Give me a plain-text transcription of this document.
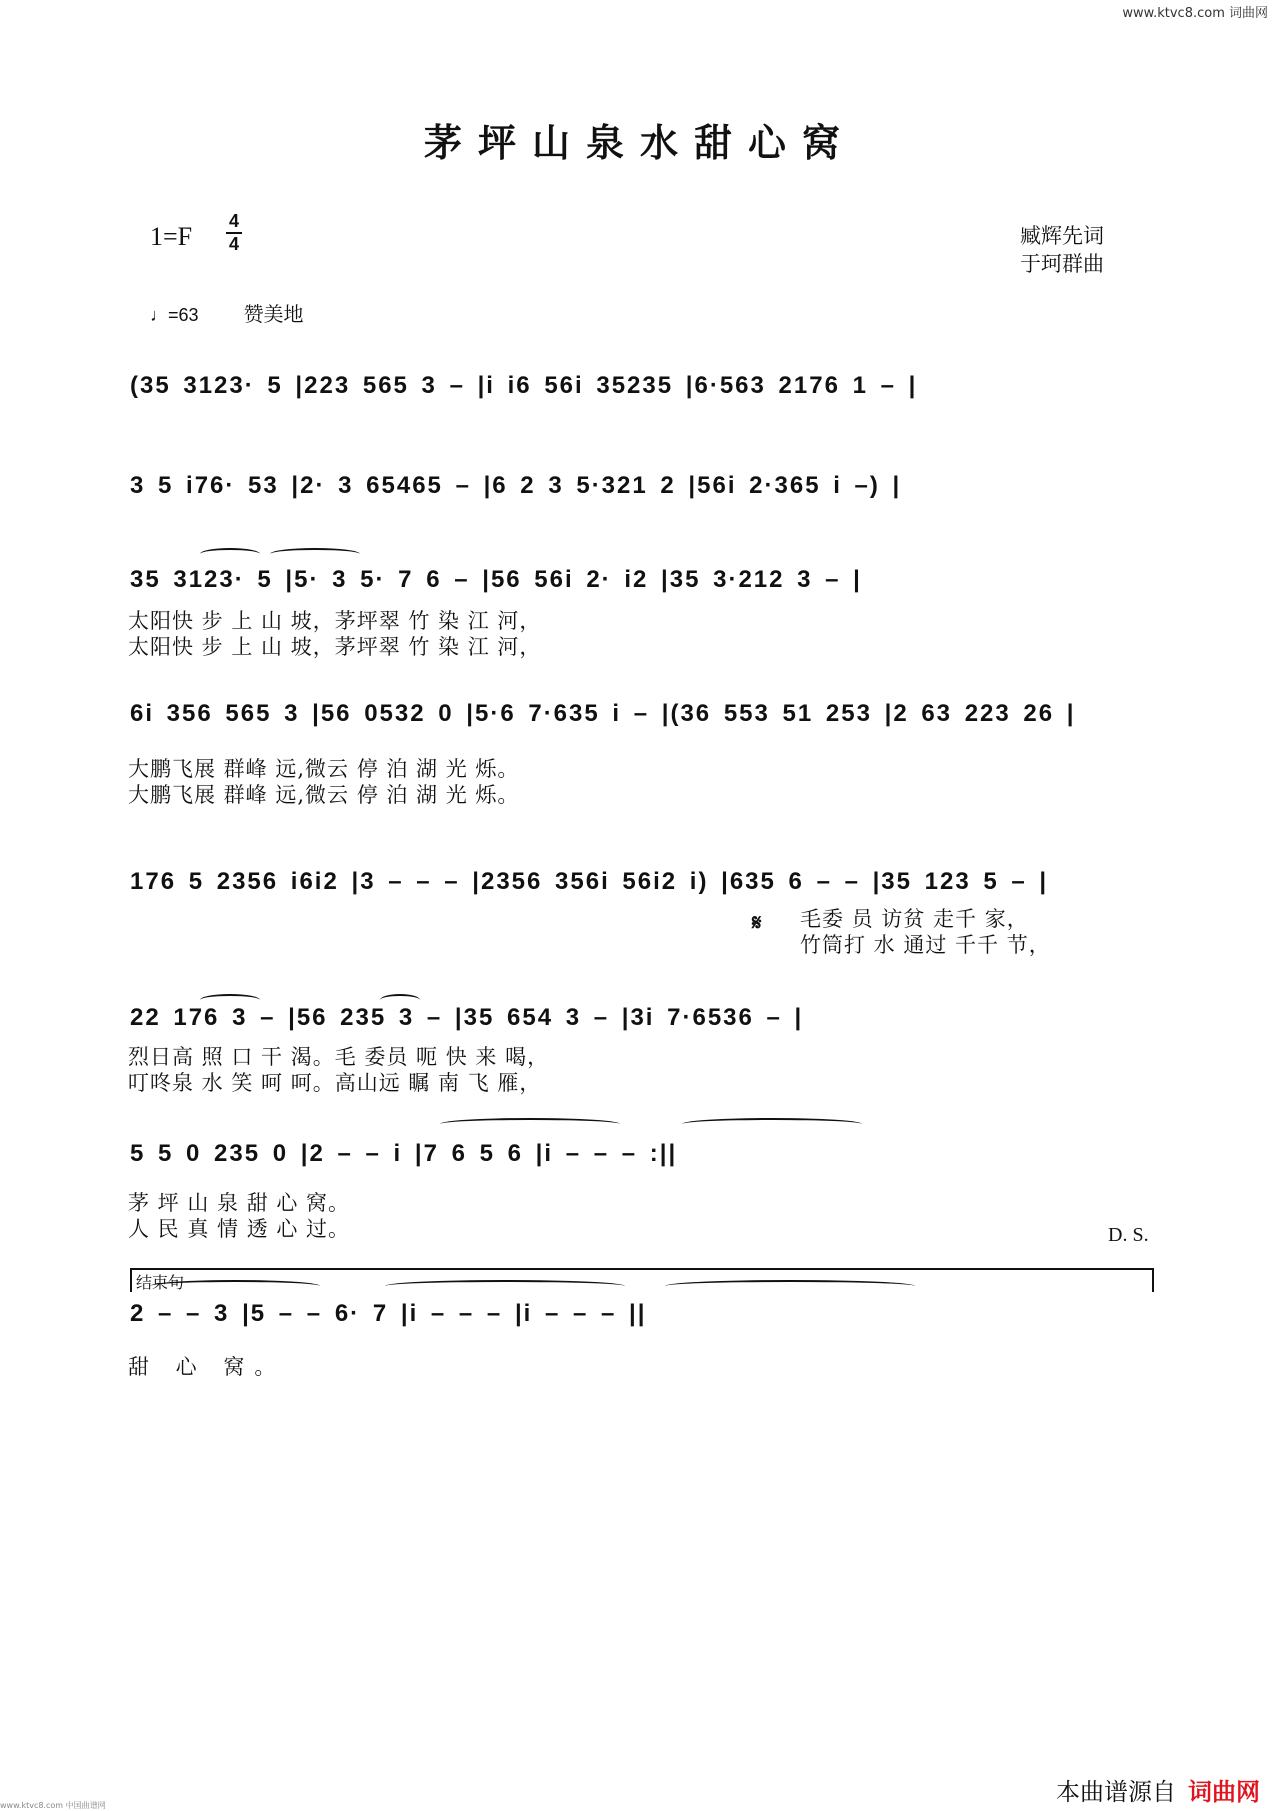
www.ktvc8.com 词曲网
茅坪山泉水甜心窝
1=F
4
4	臧辉先词
于珂群曲
♩=63 赞美地
(35 3123· 5 |223 565 3 – |i i6 56i 35235 |6·563 2176 1 – |
3 5 i76· 53 |2· 3 65465 – |6 2 3 5·321 2 |56i 2·365 i –) |
35 3123· 5 |5· 3 5· 7 6 – |56 56i 2· i2 |35 3·212 3 – |
太阳快 步 上 山 坡，茅坪翠 竹 染 江 河，
太阳快 步 上 山 坡，茅坪翠 竹 染 江 河，
6i 356 565 3 |56 0532 0 |5·6 7·635 i – |(36 553 51 253 |2 63 223 26 |
大鹏飞展 群峰 远,微云 停 泊 湖 光 烁。
大鹏飞展 群峰 远,微云 停 泊 湖 光 烁。
176 5 2356 i6i2 |3 – – – |2356 356i 56i2 i) |635 6 – – |35 123 5 – |
𝄋 毛委 员 访贫 走千 家，
竹筒打 水 通过 千千 节，
22 176 3 – |56 235 3 – |35 654 3 – |3i 7·6536 – |
烈日高 照 口 干 渴。毛 委员 呃 快 来 喝，
叮咚泉 水 笑 呵 呵。高山远 瞩 南 飞 雁，
5 5 0 235 0 |2 – – i |7 6 5 6 |i – – – :||
茅 坪 山 泉 甜 心 窝。
人 民 真 情 透 心 过。	D. S.
结束句
2 – – 3 |5 – – 6· 7 |i – – – |i – – – ||
甜 心 窝。
本曲谱源自 词曲网
www.ktvc8.com 中国曲谱网
